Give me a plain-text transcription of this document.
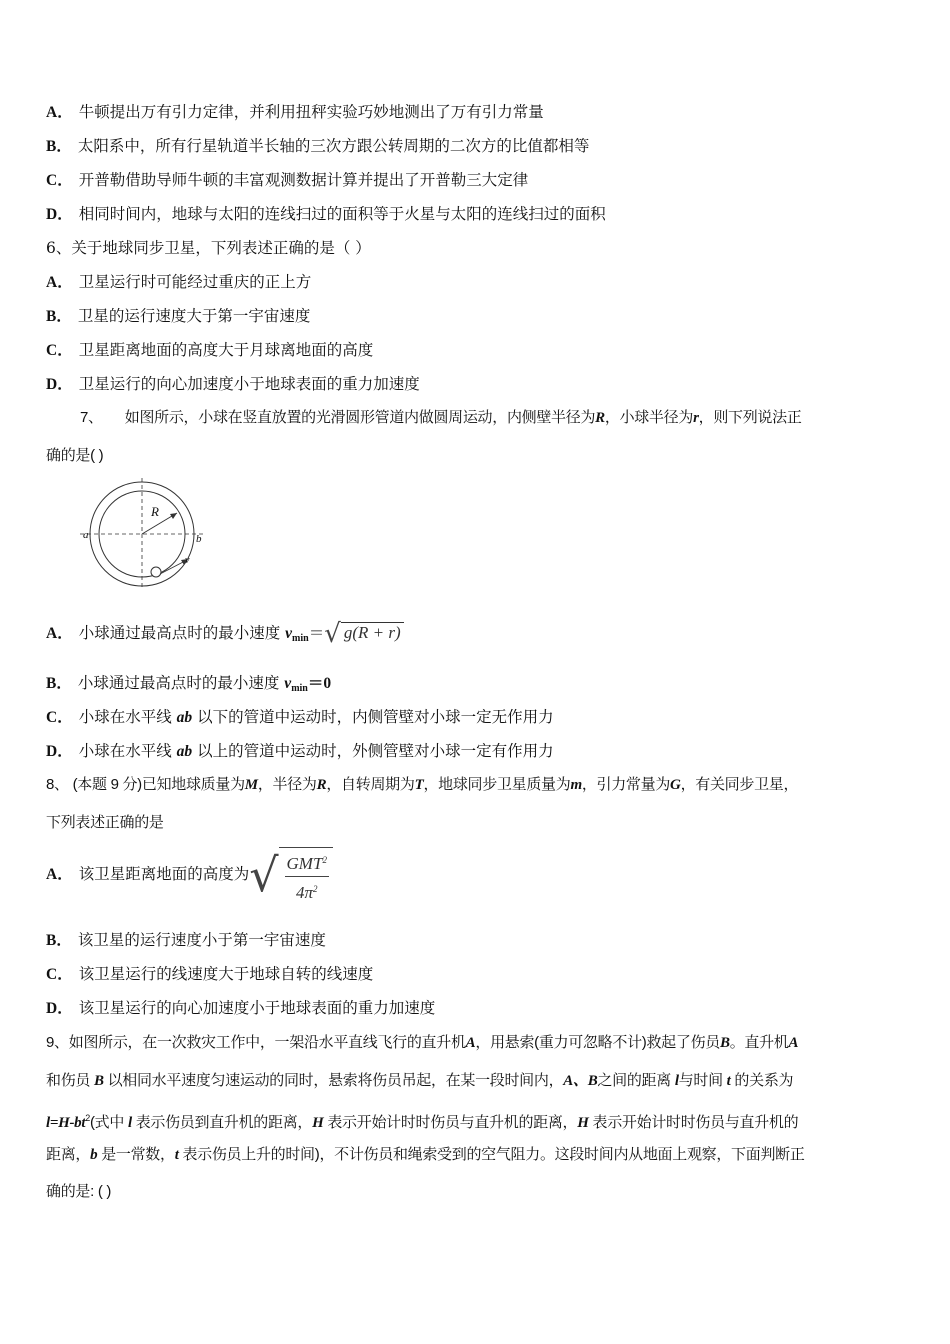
A． 牛顿提出万有引力定律，并利用扭秤实验巧妙地测出了万有引力常量
B． 太阳系中，所有行星轨道半长轴的三次方跟公转周期的二次方的比值都相等
C． 开普勒借助导师牛顿的丰富观测数据计算并提出了开普勒三大定律
D． 相同时间内，地球与太阳的连线扫过的面积等于火星与太阳的连线扫过的面积
6、关于地球同步卫星，下列表述正确的是（ ）
A． 卫星运行时可能经过重庆的正上方
B． 卫星的运行速度大于第一宇宙速度
C． 卫星距离地面的高度大于月球离地面的高度
D． 卫星运行的向心加速度小于地球表面的重力加速度
7、 如图所示，小球在竖直放置的光滑圆形管道内做圆周运动，内侧壁半径为R，小球半径为r，则下列说法正
确的是( )
R
a	b
v
A． 小球通过最高点时的最小速度 $v_{min}=√$ g(R + r)
B． 小球通过最高点时的最小速度 $v_{min}=0$
C． 小球在水平线 ab 以下的管道中运动时，内侧管壁对小球一定无作用力
D． 小球在水平线 ab 以上的管道中运动时，外侧管壁对小球一定有作用力
8、 (本题 9 分)已知地球质量为M，半径为R，自转周期为T，地球同步卫星质量为m，引力常量为G，有关同步卫星，
下列表述正确的是
A． 该卫星距离地面的高度为√ $\frac{GMT^2}{4\pi^2}$
B． 该卫星的运行速度小于第一宇宙速度
C． 该卫星运行的线速度大于地球自转的线速度
D． 该卫星运行的向心加速度小于地球表面的重力加速度
9、如图所示，在一次救灾工作中，一架沿水平直线飞行的直升机A，用悬索(重力可忽略不计)救起了伤员B。直升机A
和伤员 B 以相同水平速度匀速运动的同时，悬索将伤员吊起，在某一段时间内，A、B之间的距离 l与时间 t 的关系为
$l=H-bt^2$(式中 l 表示伤员到直升机的距离，H 表示开始计时时伤员与直升机的距离，H 表示开始计时时伤员与直升机的
距离，b 是一常数，t 表示伤员上升的时间)，不计伤员和绳索受到的空气阻力。这段时间内从地面上观察，下面判断正
确的是: ( )
